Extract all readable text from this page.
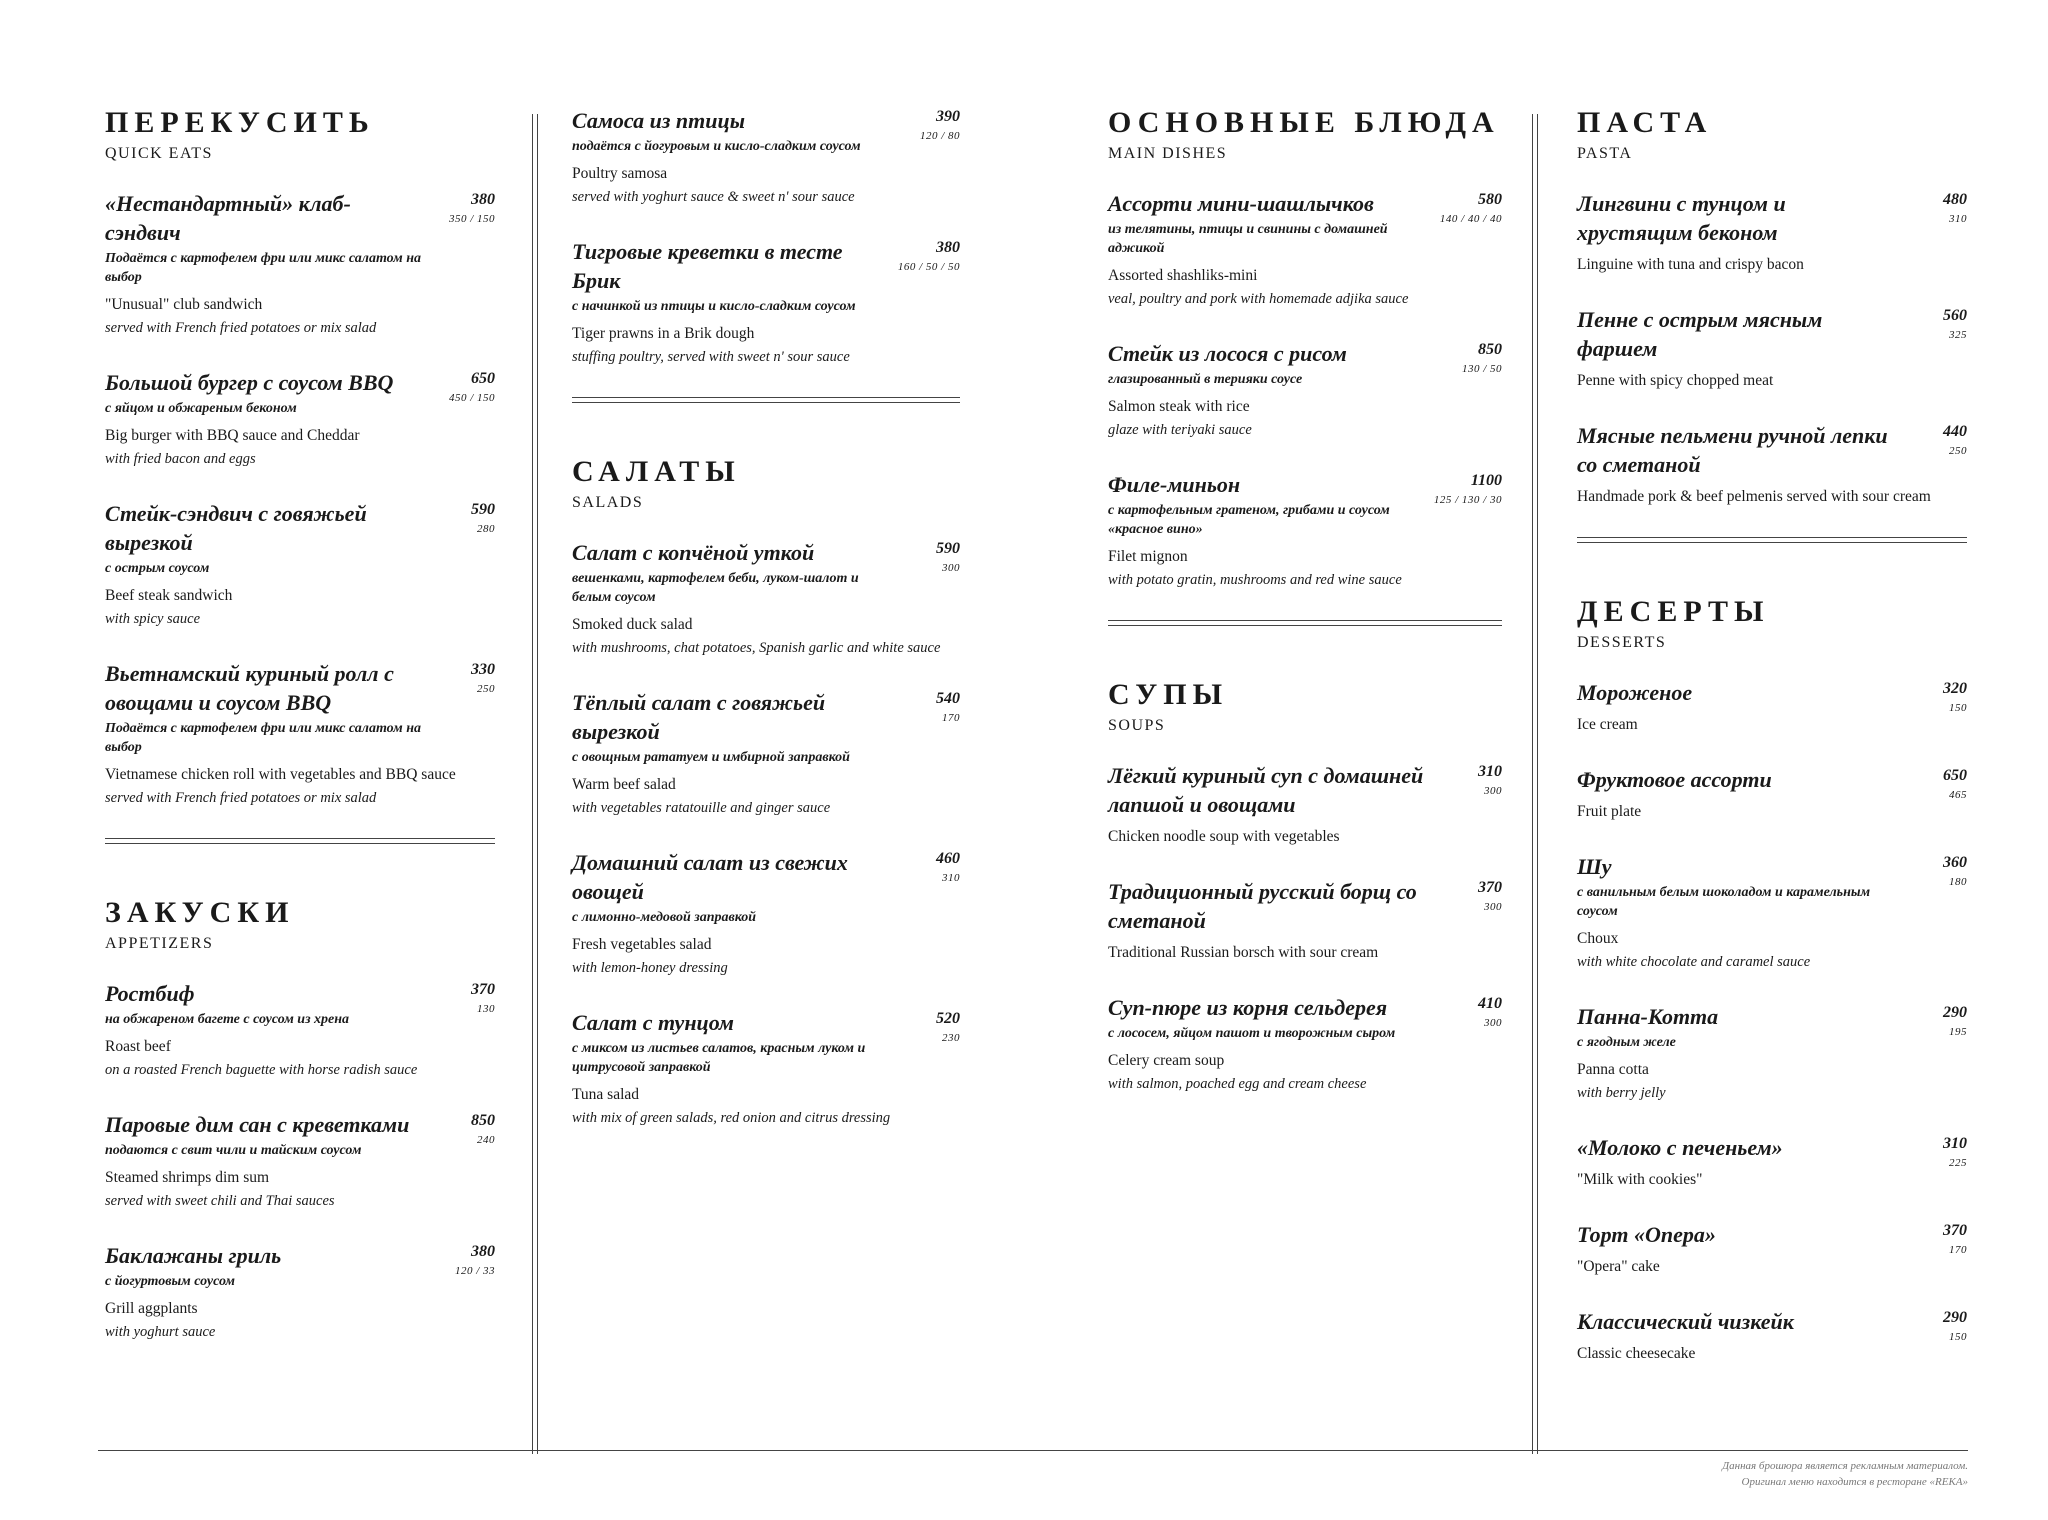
ПЕРЕКУСИТЬ
QUICK EATS
«Нестандартный» клаб-сэндвич
380
350 / 150
Подаётся с картофелем фри или микс салатом на выбор
"Unusual" club sandwich
served with French fried potatoes or mix salad
Большой бургер с соусом BBQ	650
450 / 150
с яйцом и обжареным беконом
Big burger with BBQ sauce and Cheddar
with fried bacon and eggs
Стейк-сэндвич с говяжьей вырезкой
590
280
с острым соусом
Beef steak sandwich
with spicy sauce
Вьетнамский куриный ролл с овощами и соусом BBQ
330
250
Подаётся с картофелем фри или микс салатом на выбор
Vietnamese chicken roll with vegetables and BBQ sauce
served with French fried potatoes or mix salad
ЗАКУСКИ
APPETIZERS
Ростбиф	370
130
на обжареном багете с соусом из хрена
Roast beef
on a roasted French baguette with horse radish sauce
Паровые дим сан с креветками	850
240
подаются с свит чили и тайским соусом
Steamed shrimps dim sum
served with sweet chili and Thai sauces
Баклажаны гриль	380
120 / 33
с йогуртовым соусом
Grill aggplants
with yoghurt sauce
Самоса из птицы	390
120 / 80
подаётся с йогуровым и кисло-сладким соусом
Poultry samosa
served with yoghurt sauce & sweet n' sour sauce
Тигровые креветки в тесте Брик
380
160 / 50 / 50
с начинкой из птицы и кисло-сладким соусом
Tiger prawns in a Brik dough
stuffing poultry, served with sweet n' sour sauce
САЛАТЫ
SALADS
Салат с копчёной уткой	590
300
вешенками, картофелем беби, луком-шалот и белым соусом
Smoked duck salad
with mushrooms, chat potatoes, Spanish garlic and white sauce
Тёплый салат с говяжьей вырезкой
540
170
с овощным рататуем и имбирной заправкой
Warm beef salad
with vegetables ratatouille and ginger sauce
Домашний салат из свежих овощей
460
310
с лимонно-медовой заправкой
Fresh vegetables salad
with lemon-honey dressing
Салат с тунцом	520
230
с миксом из листьев салатов, красным луком и цитрусовой заправкой
Tuna salad
with mix of green salads, red onion and citrus dressing
ОСНОВНЫЕ БЛЮДА
MAIN DISHES
Ассорти мини-шашлычков	580
140 / 40 / 40
из телятины, птицы и свинины с домашней аджикой
Assorted shashliks-mini
veal, poultry and pork with homemade adjika sauce
Стейк из лосося с рисом	850
130 / 50
глазированный в терияки соусе
Salmon steak with rice
glaze with teriyaki sauce
Филе-миньон	1100
125 / 130 / 30
с картофельным гратеном, грибами и соусом «красное вино»
Filet mignon
with potato gratin, mushrooms and red wine sauce
СУПЫ
SOUPS
Лёгкий куриный суп с домашней лапшой и овощами
310
300
Chicken noodle soup with vegetables
Традиционный русский борщ со сметаной
370
300
Traditional Russian borsch with sour cream
Суп-пюре из корня сельдерея	410
300
с лососем, яйцом пашот и творожным сыром
Celery cream soup
with salmon, poached egg and cream cheese
ПАСТА
PASTA
Лингвини с тунцом и хрустящим беконом
480
310
Linguine with tuna and crispy bacon
Пенне с острым мясным фаршем
560
325
Penne with spicy chopped meat
Мясные пельмени ручной лепки со сметаной
440
250
Handmade pork & beef pelmenis served with sour cream
ДЕСЕРТЫ
DESSERTS
Мороженое	320
150
Ice cream
Фруктовое ассорти	650
465
Fruit plate
Шу	360
180
с ванильным белым шоколадом и карамельным соусом
Choux
with white chocolate and caramel sauce
Панна-Котта	290
195
с ягодным желе
Panna cotta
with berry jelly
«Молоко с печеньем»	310
225
"Milk with cookies"
Торт «Опера»	370
170
"Opera" cake
Классический чизкейк	290
150
Classic cheesecake
Данная брошюра является рекламным материалом.
Оригинал меню находится в ресторане «REKA»
